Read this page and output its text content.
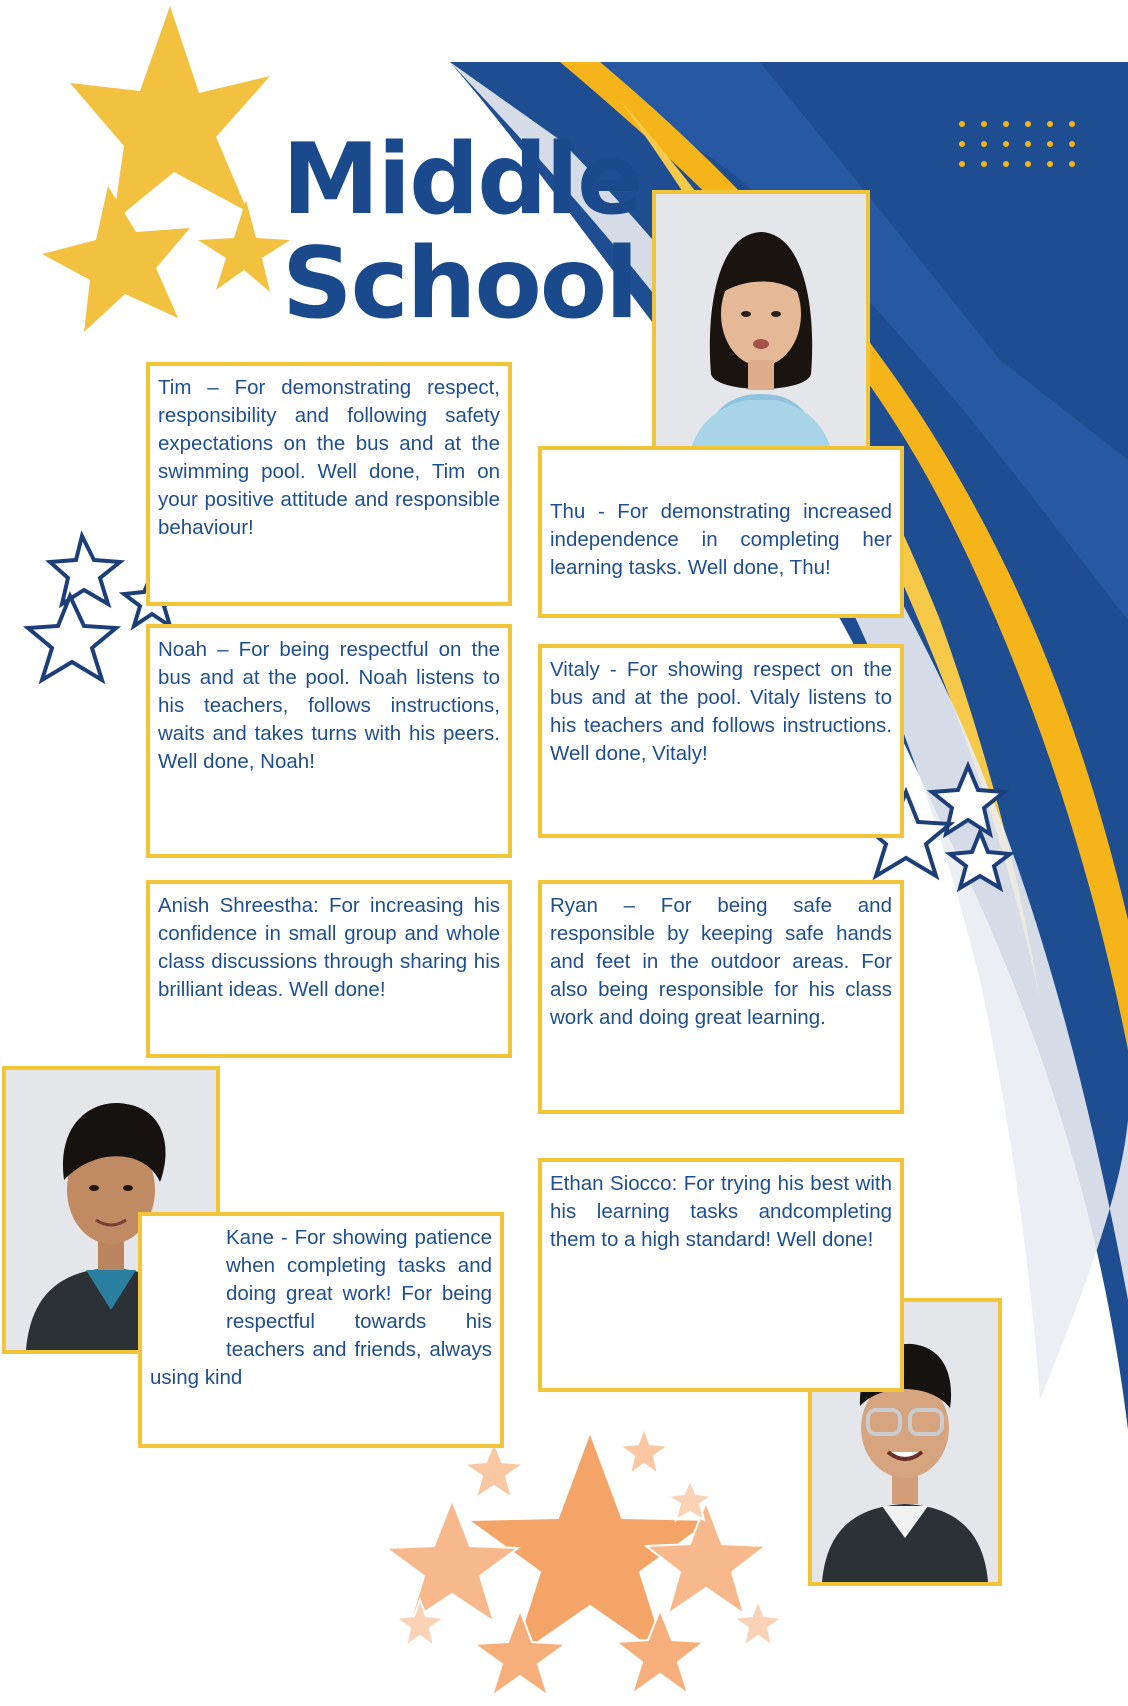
Middle
School
Tim – For demonstrating respect, responsibility and following safety expectations on the bus and at the swimming pool. Well done, Tim on your positive attitude and responsible behaviour!
Thu - For demonstrating increased independence in completing her learning tasks. Well done, Thu!
Noah – For being respectful on the bus and at the pool. Noah listens to his teachers, follows instructions, waits and takes turns with his peers. Well done, Noah!
Vitaly - For showing respect on the bus and at the pool. Vitaly listens to his teachers and follows instructions. Well done, Vitaly!
Anish Shreestha: For increasing his confidence in small group and whole class discussions through sharing his brilliant ideas. Well done!
Ryan – For being safe and responsible by keeping safe hands and feet in the outdoor areas. For also being responsible for his class work and doing great learning.
Ethan Siocco: For trying his best with his learning tasks andcompleting them to a high standard! Well done!
Kane - For showing patience when completing tasks and doing great work! For being respectful towards his teachers and friends, always using kind
